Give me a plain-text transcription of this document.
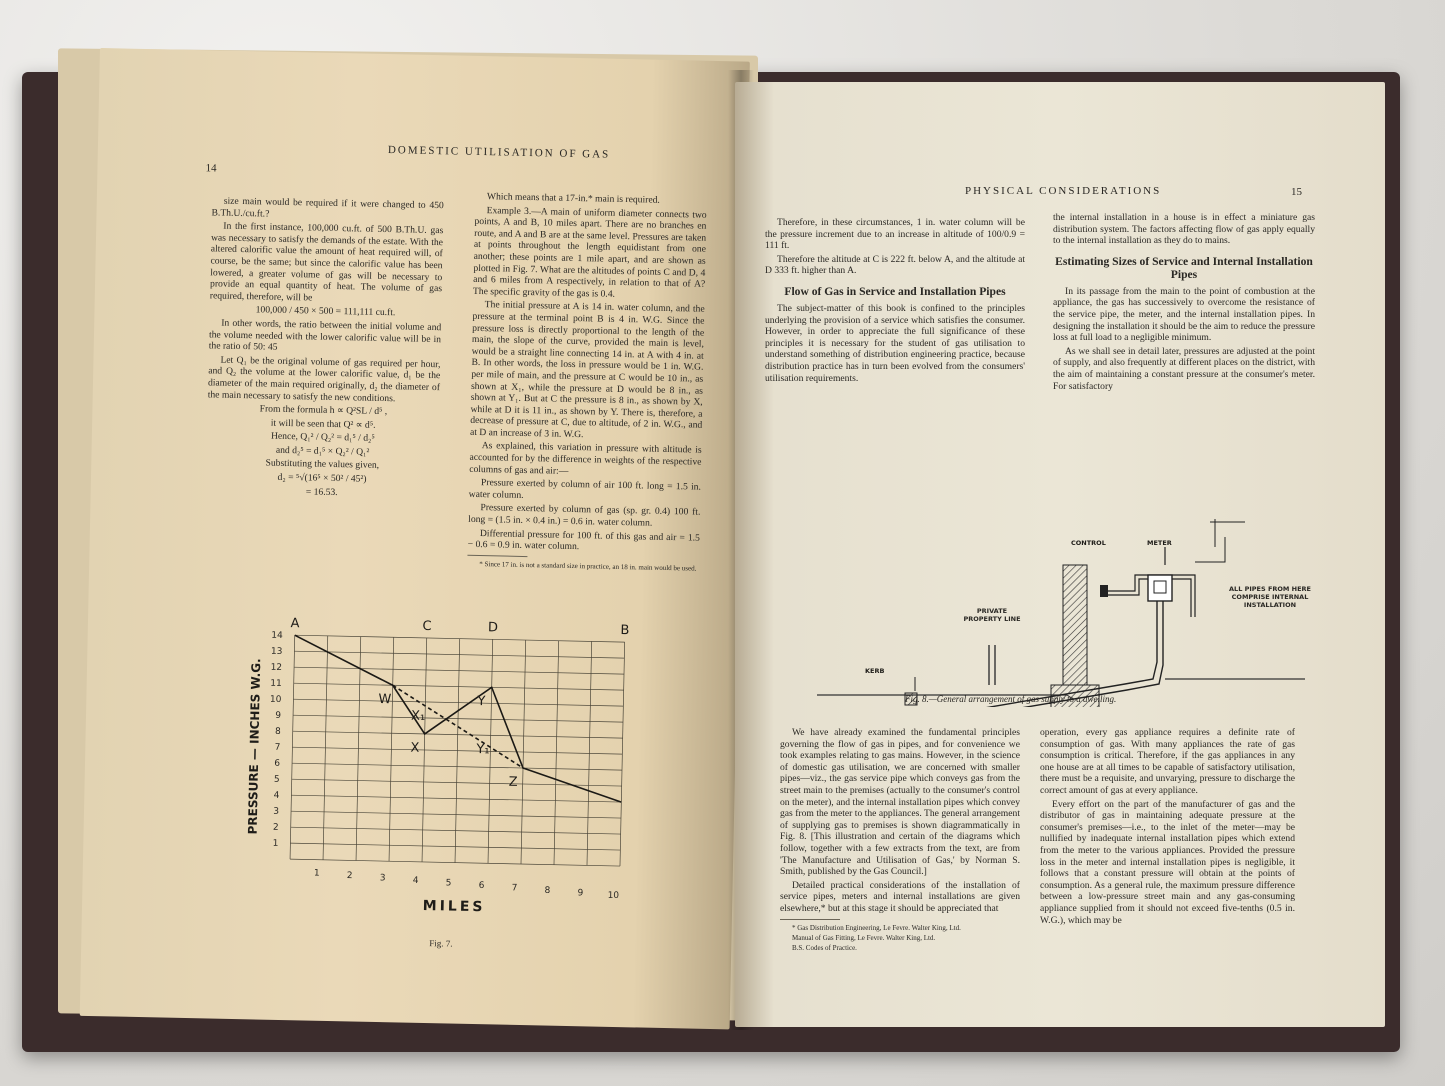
14
DOMESTIC UTILISATION OF GAS

size main would be required if it were changed to 450 B.Th.U./cu.ft.?

In the first instance, 100,000 cu.ft. of 500 B.Th.U. gas was necessary to satisfy the demands of the estate. With the altered calorific value the amount of heat required will, of course, be the same; but since the calorific value has been lowered, a greater volume of gas will be necessary to provide an equal quantity of heat. The volume of gas required, therefore, will be

100,000 / 450 × 500 = 111,111 cu.ft.

In other words, the ratio between the initial volume and the volume needed with the lower calorific value will be in the ratio of 50: 45

Let Q₁ be the original volume of gas required per hour, and Q₂ the volume at the lower calorific value, d₁ be the diameter of the main required originally, d₂ the diameter of the main necessary to satisfy the new conditions.

From the formula h ∝ Q²SL / d⁵ ,

it will be seen that Q² ∝ d⁵.

Hence, Q₁² / Q₂² = d₁⁵ / d₂⁵

and d₂⁵ = d₁⁵ × Q₂² / Q₁²

Substituting the values given,

d₂ = ⁵√(16⁵ × 50² / 45²)

= 16.53.

Which means that a 17-in.* main is required.

Example 3.—A main of uniform diameter connects two points, A and B, 10 miles apart. There are no branches en route, and A and B are at the same level. Pressures are taken at points throughout the length equidistant from one another; these points are 1 mile apart, and are shown as plotted in Fig. 7. What are the altitudes of points C and D, 4 and 6 miles from A respectively, in relation to that of A? The specific gravity of the gas is 0.4.

The initial pressure at A is 14 in. water column, and the pressure at the terminal point B is 4 in. W.G. Since the pressure loss is directly proportional to the length of the main, the slope of the curve, provided the main is level, would be a straight line connecting 14 in. at A with 4 in. at B. In other words, the loss in pressure would be 1 in. W.G. per mile of main, and the pressure at C would be 10 in., as shown at X₁, while the pressure at D would be 8 in., as shown at Y₁. But at C the pressure is 8 in., as shown by X, while at D it is 11 in., as shown by Y. There is, therefore, a decrease of pressure at C, due to altitude, of 2 in. W.G., and at D an increase of 3 in. W.G.

As explained, this variation in pressure with altitude is accounted for by the difference in weights of the respective columns of gas and air:—

Pressure exerted by column of air 100 ft. long = 1.5 in. water column.

Pressure exerted by column of gas (sp. gr. 0.4) 100 ft. long = (1.5 in. × 0.4 in.) = 0.6 in. water column.

Differential pressure for 100 ft. of this gas and air = 1.5 − 0.6 = 0.9 in. water column.

* Since 17 in. is not a standard size in practice, an 18 in. main would be used.

1
2
3
4
5
6
7
8
9
10
11
12
13
14
1	2	3	4	5	6	7	8	9	10
A	C	D	B
W
X₁
X
Y
Y₁
Z
MILES
PRESSURE — INCHES W.G.
Fig. 7.
PHYSICAL CONSIDERATIONS	15

Therefore, in these circumstances, 1 in. water column will be the pressure increment due to an increase in altitude of 100/0.9 = 111 ft.

Therefore the altitude at C is 222 ft. below A, and the altitude at D 333 ft. higher than A.

Flow of Gas in Service and Installation Pipes

The subject-matter of this book is confined to the principles underlying the provision of a service which satisfies the consumer. However, in order to appreciate the full significance of these principles it is necessary for the student of gas utilisation to understand something of distribution engineering practice, because distribution practice has in turn been evolved from the consumers' utilisation requirements.

the internal installation in a house is in effect a miniature gas distribution system. The factors affecting flow of gas apply equally to the internal installation as they do to mains.

Estimating Sizes of Service and Internal Installation Pipes

In its passage from the main to the point of combustion at the appliance, the gas has successively to overcome the resistance of the service pipe, the meter, and the internal installation pipes. In designing the installation it should be the aim to reduce the pressure loss at full load to a negligible minimum.

As we shall see in detail later, pressures are adjusted at the point of supply, and also frequently at different places on the district, with the aim of maintaining a constant pressure at the consumer's meter. For satisfactory

CONTROL	METER
ALL PIPES FROM HERE COMPRISE INTERNAL INSTALLATION
PRIVATE PROPERTY LINE
KERB
Fig. 8.—General arrangement of gas supply to a dwelling.

We have already examined the fundamental principles governing the flow of gas in pipes, and for convenience we took examples relating to gas mains. However, in the science of domestic gas utilisation, we are concerned with smaller pipes—viz., the gas service pipe which conveys gas from the street main to the premises (actually to the consumer's control on the meter), and the internal installation pipes which convey gas from the meter to the appliances. The general arrangement of supplying gas to premises is shown diagrammatically in Fig. 8. [This illustration and certain of the diagrams which follow, together with a few extracts from the text, are from 'The Manufacture and Utilisation of Gas,' by Norman S. Smith, published by the Gas Council.]

Detailed practical considerations of the installation of service pipes, meters and internal installations are given elsewhere,* but at this stage it should be appreciated that

* Gas Distribution Engineering, Le Fevre. Walter King, Ltd.

Manual of Gas Fitting, Le Fevre. Walter King, Ltd.

B.S. Codes of Practice.

operation, every gas appliance requires a definite rate of consumption of gas. With many appliances the rate of gas consumption is critical. Therefore, if the gas appliances in any one house are at all times to be capable of satisfactory utilisation, there must be a requisite, and unvarying, pressure to discharge the correct amount of gas at every appliance.

Every effort on the part of the manufacturer of gas and the distributor of gas in maintaining adequate pressure at the consumer's premises—i.e., to the inlet of the meter—may be nullified by inadequate internal installation pipes which extend from the meter to the various appliances. Provided the pressure loss in the meter and internal installation pipes is negligible, it follows that a constant pressure will obtain at the points of consumption. As a general rule, the maximum pressure difference between a low-pressure street main and any gas-consuming appliance supplied from it should not exceed five-tenths (0.5 in. W.G.), which may be
